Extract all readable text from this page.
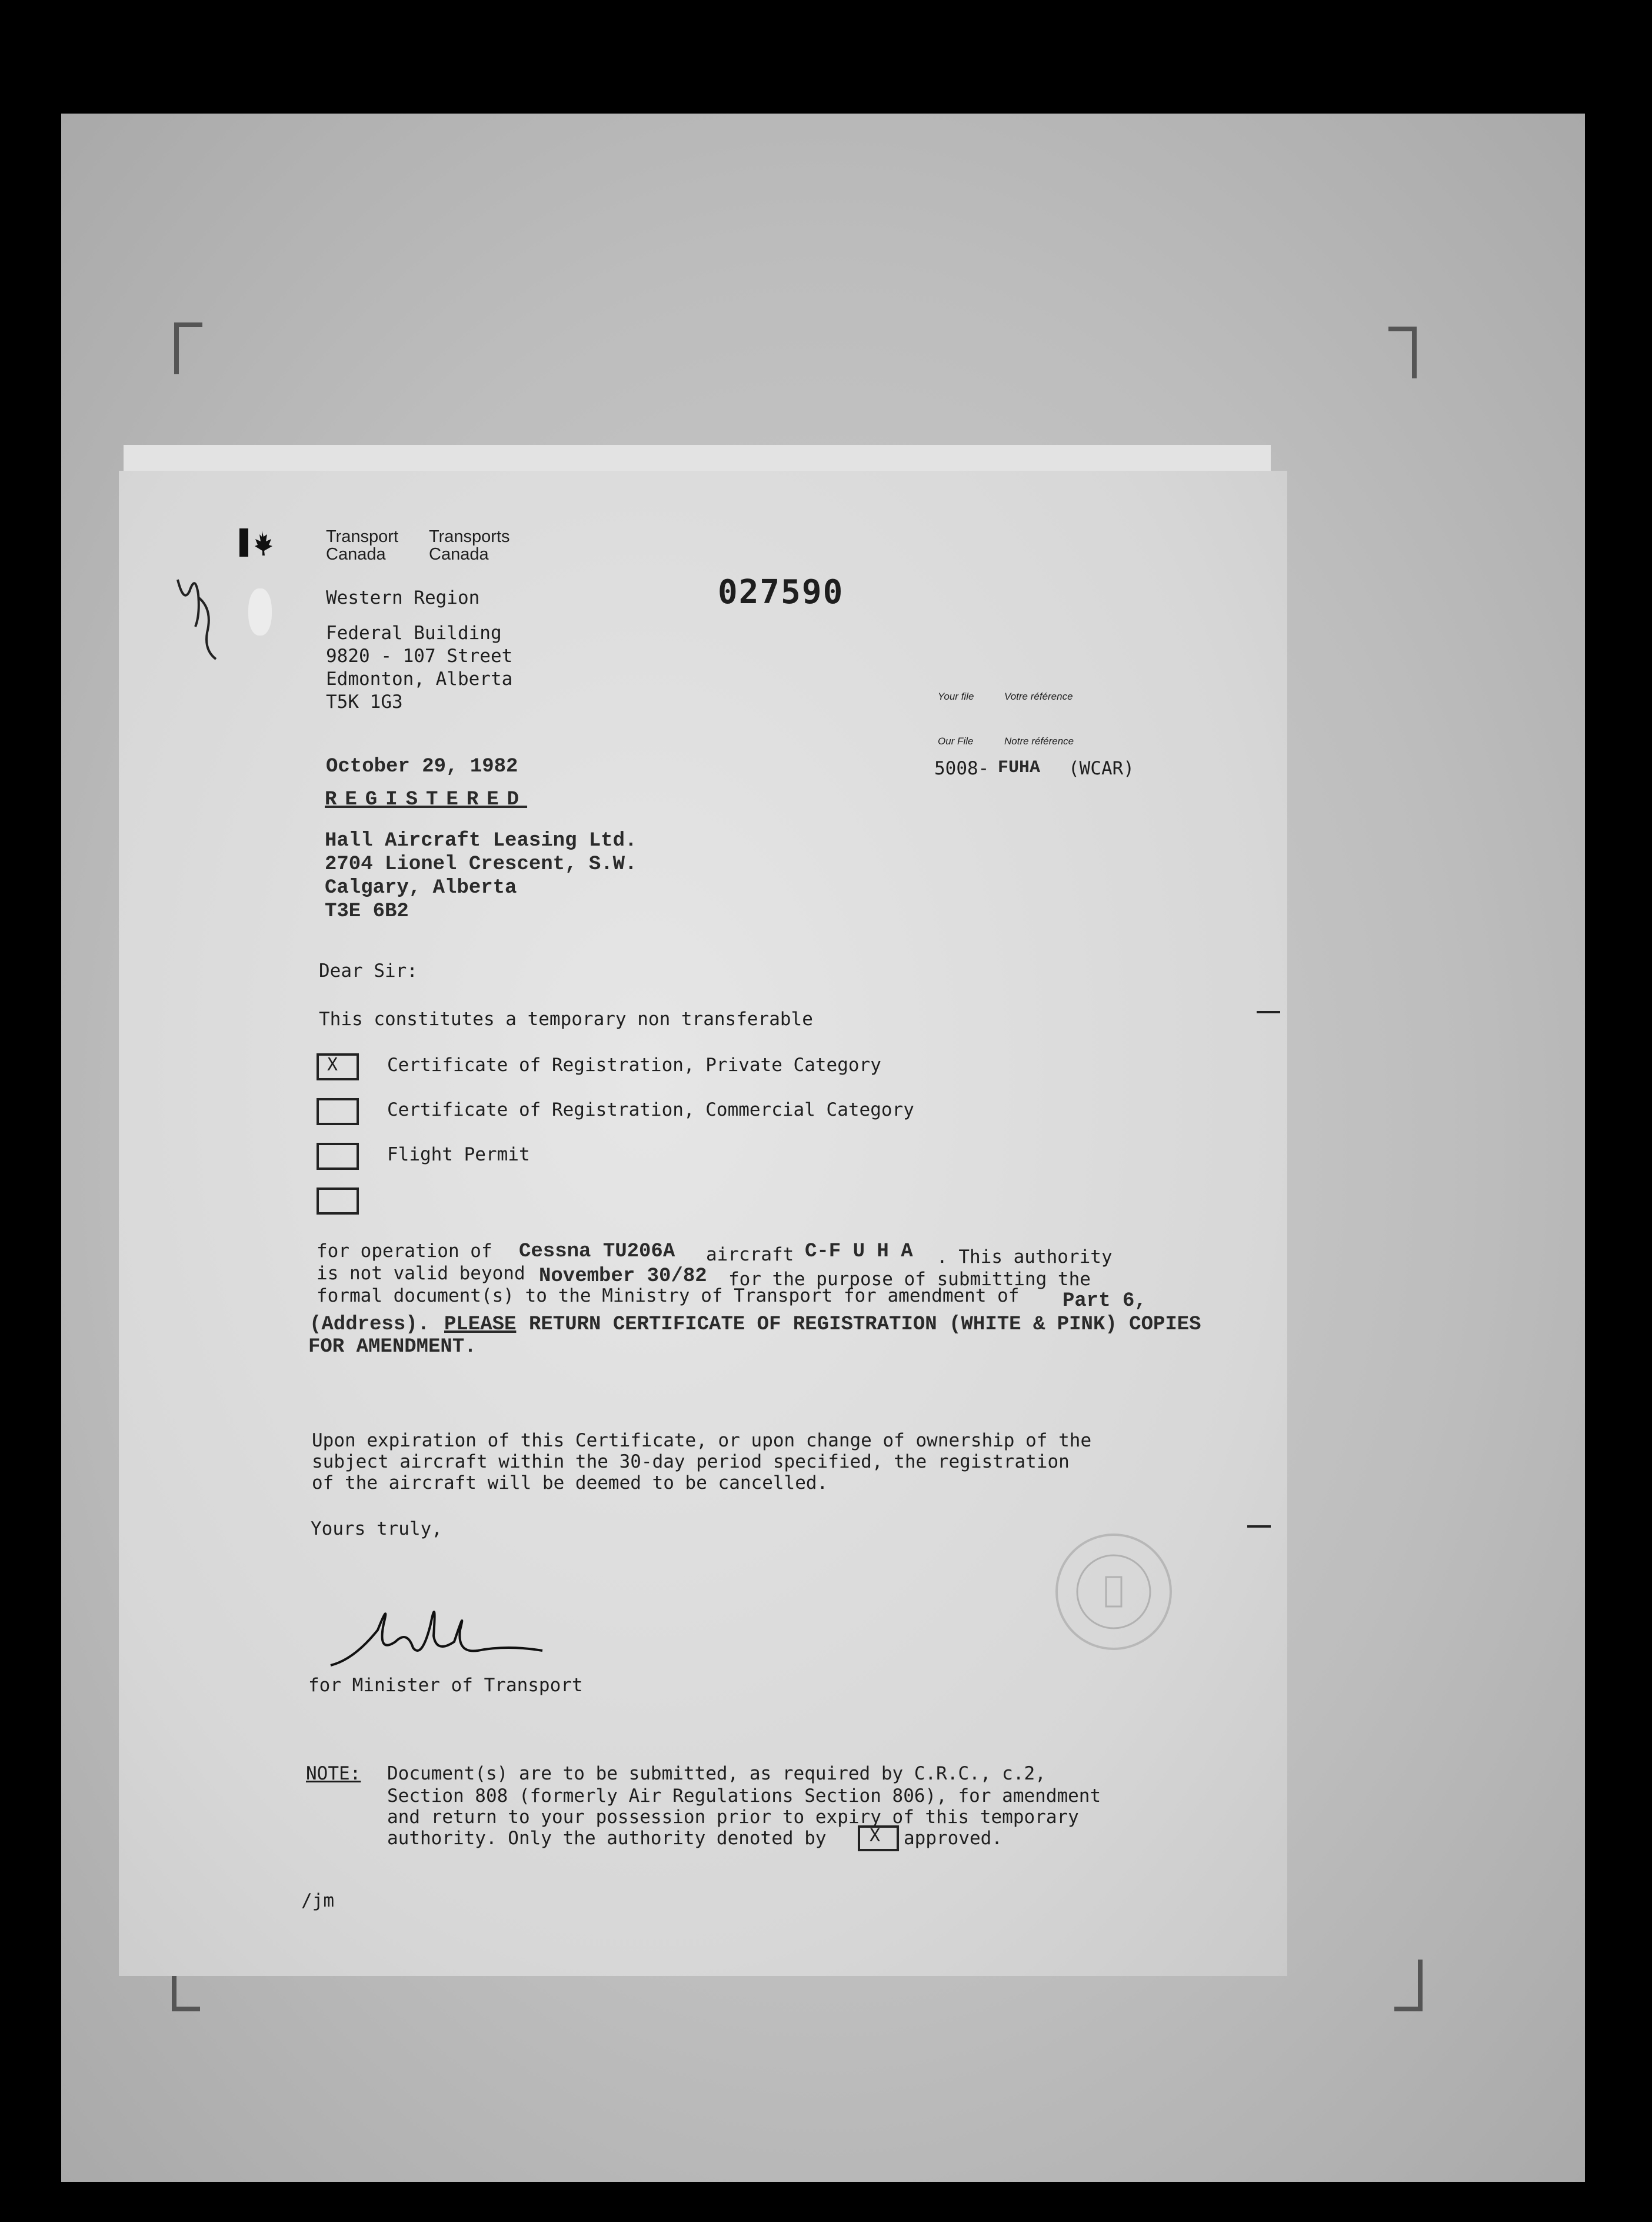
Transport
Canada
Transports
Canada
Western Region
Federal Building
9820 - 107 Street
Edmonton, Alberta
T5K 1G3
027590
Your file	Votre référence
Our File	Notre référence
5008- FUHA (WCAR)
October 29, 1982
REGISTERED
Hall Aircraft Leasing Ltd.
2704 Lionel Crescent, S.W.
Calgary, Alberta
T3E 6B2
Dear Sir:
This constitutes a temporary non transferable
X	Certificate of Registration, Private Category
Certificate of Registration, Commercial Category
Flight Permit
for operation of Cessna TU206A aircraft C-F U H A . This authority
is not valid beyond November 30/82 for the purpose of submitting the
formal document(s) to the Ministry of Transport for amendment of Part 6,
(Address). PLEASE RETURN CERTIFICATE OF REGISTRATION (WHITE & PINK) COPIES
FOR AMENDMENT.
Upon expiration of this Certificate, or upon change of ownership of the
subject aircraft within the 30-day period specified, the registration
of the aircraft will be deemed to be cancelled.
Yours truly,
for Minister of Transport
NOTE: Document(s) are to be submitted, as required by C.R.C., c.2,
Section 808 (formerly Air Regulations Section 806), for amendment
and return to your possession prior to expiry of this temporary
authority. Only the authority denoted by X approved.
/jm
